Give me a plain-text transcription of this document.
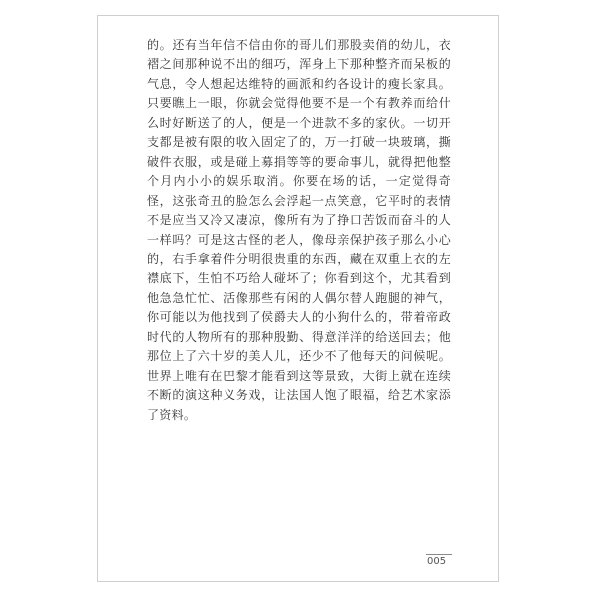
的。还有当年信不信由你的哥儿们那股卖俏的幼儿，衣褶之间那种说不出的细巧，浑身上下那种整齐而呆板的气息，令人想起达维特的画派和约各设计的瘦长家具。只要瞧上一眼，你就会觉得他要不是一个有教养而给什么时好断送了的人，便是一个进款不多的家伙。一切开支都是被有限的收入固定了的，万一打破一块玻璃，撕破件衣服，或是碰上募捐等等的要命事儿，就得把他整个月内小小的娱乐取消。你要在场的话，一定觉得奇怪，这张奇丑的脸怎么会浮起一点笑意，它平时的表情不是应当又冷又凄凉，像所有为了挣口苦饭而奋斗的人一样吗？可是这古怪的老人，像母亲保护孩子那么小心的，右手拿着件分明很贵重的东西，藏在双重上衣的左襟底下，生怕不巧给人碰坏了；你看到这个，尤其看到他急急忙忙、活像那些有闲的人偶尔替人跑腿的神气，你可能以为他找到了侯爵夫人的小狗什么的，带着帝政时代的人物所有的那种殷勤、得意洋洋的给送回去；他那位上了六十岁的美人儿，还少不了他每天的问候呢。世界上唯有在巴黎才能看到这等景致，大街上就在连续不断的演这种义务戏，让法国人饱了眼福，给艺术家添了资料。

005
